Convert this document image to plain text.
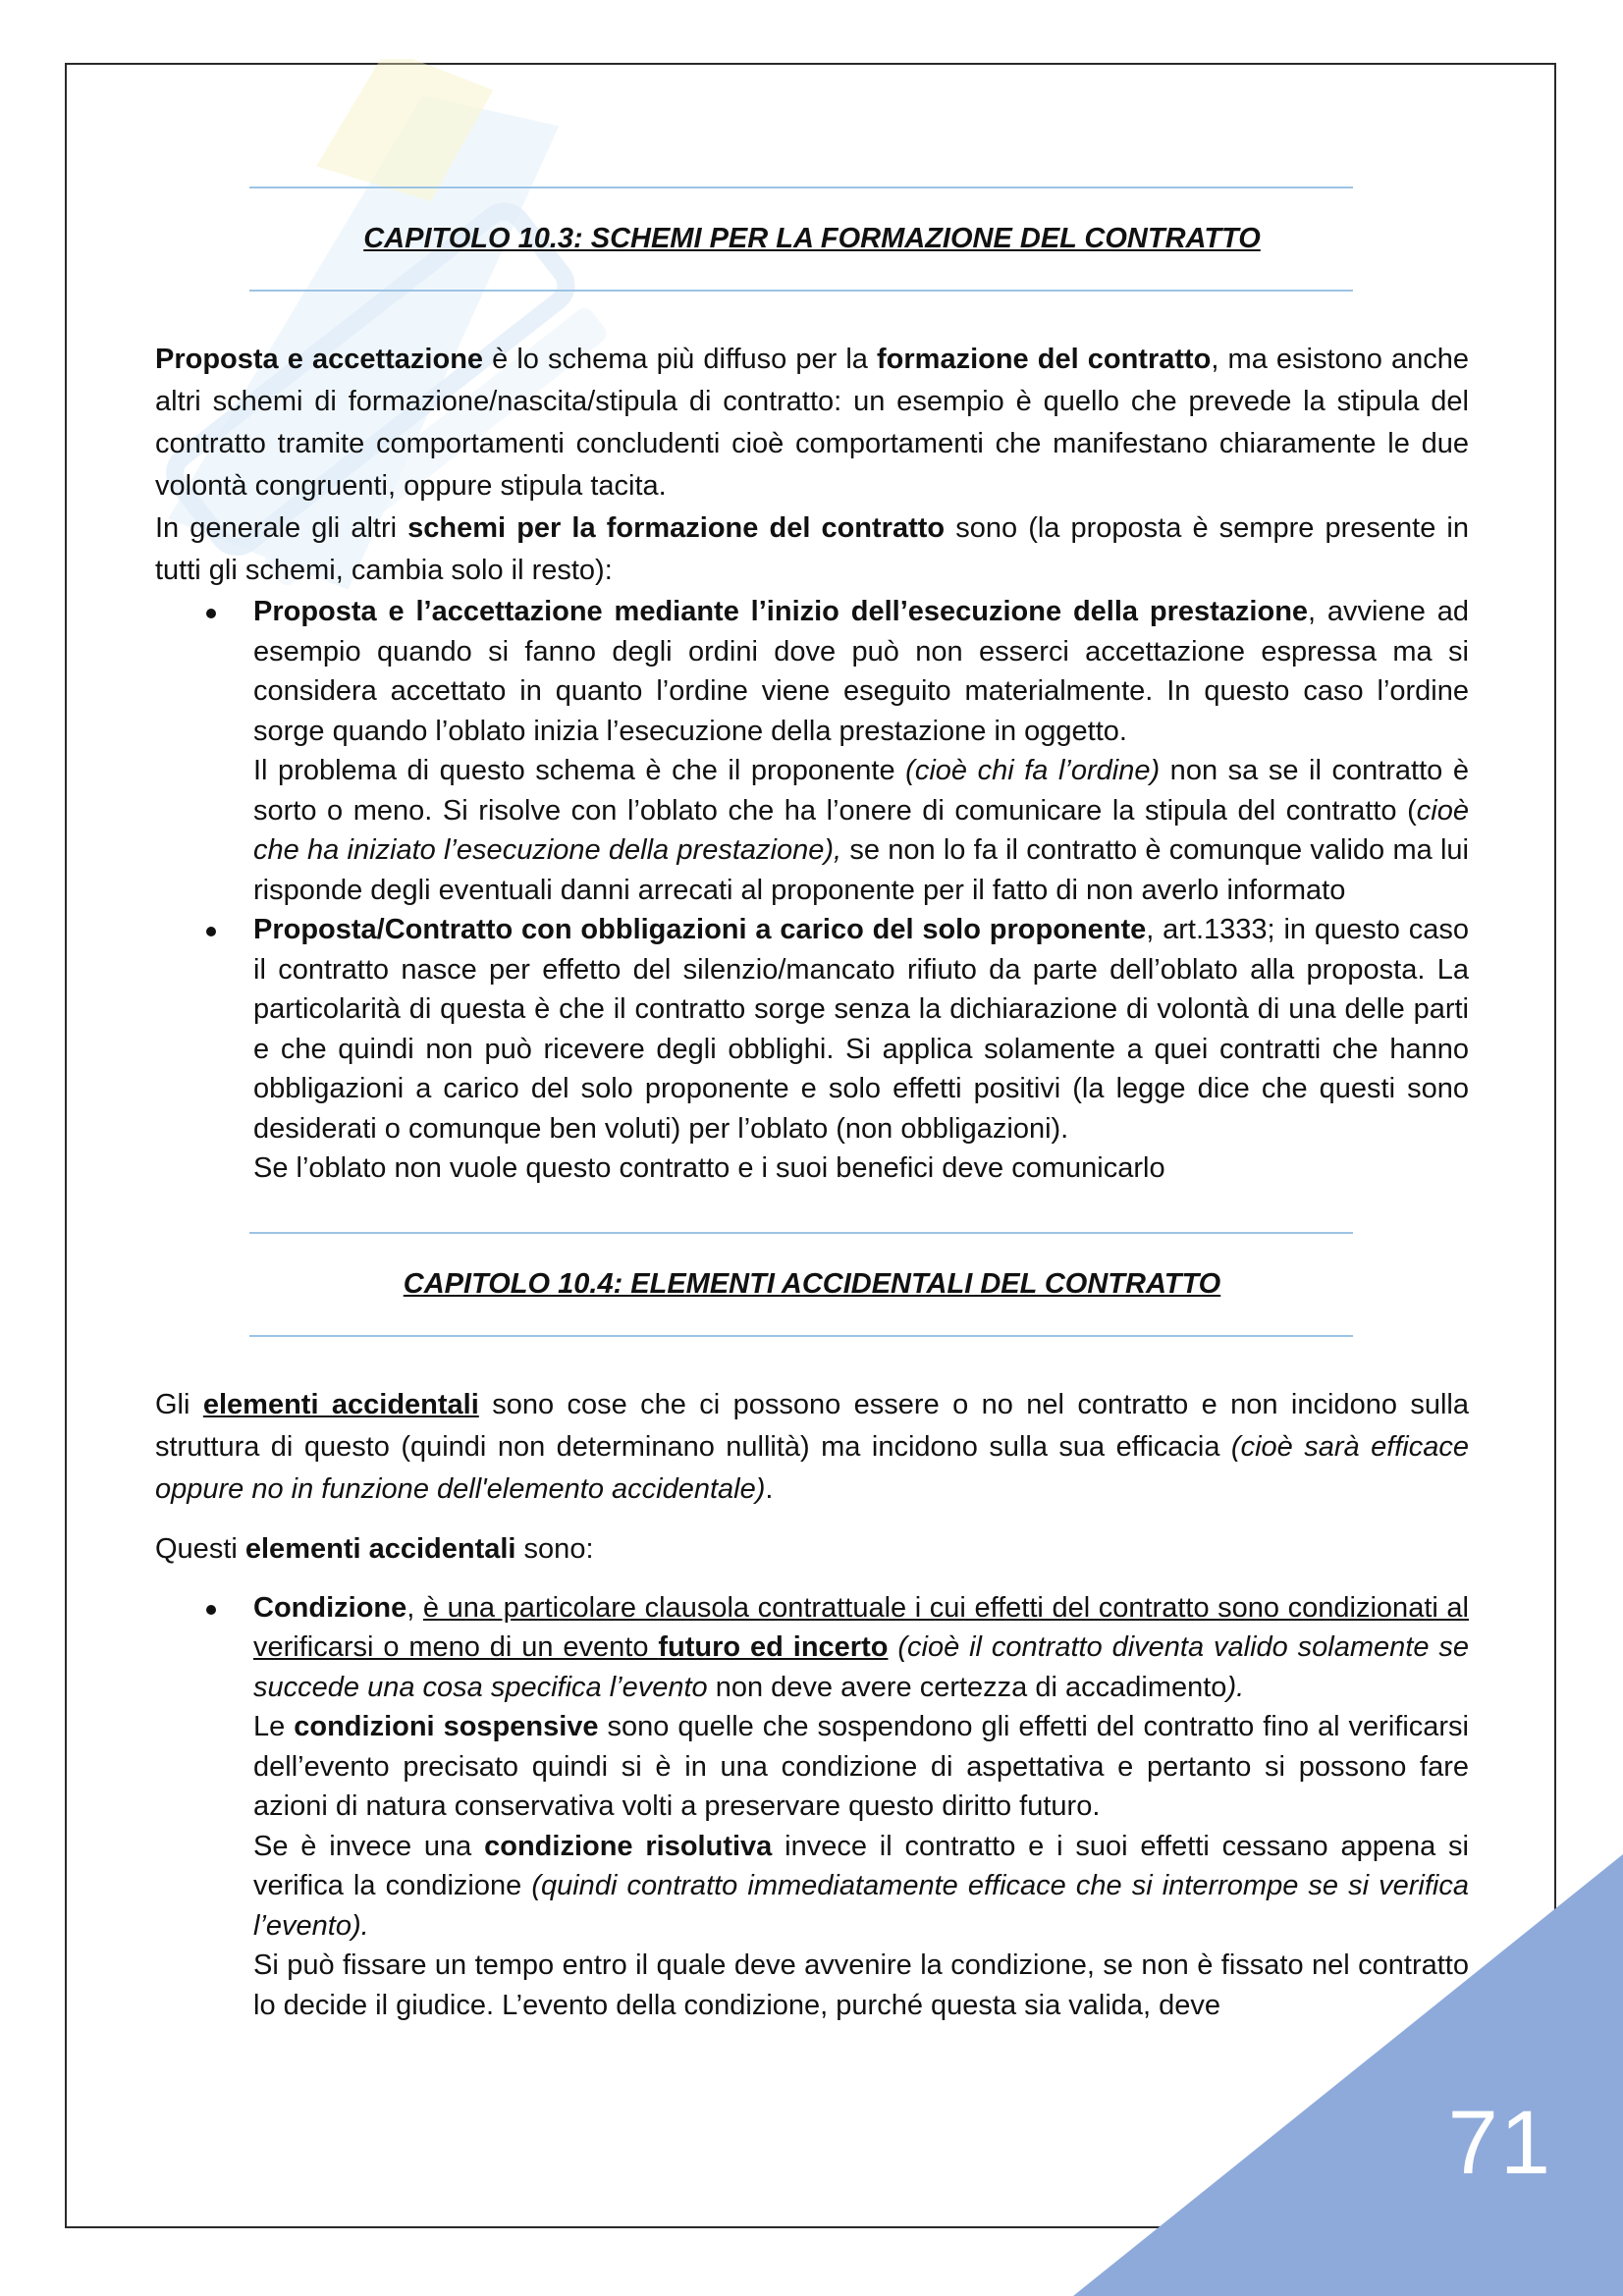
71
CAPITOLO 10.3: SCHEMI PER LA FORMAZIONE DEL CONTRATTO

Proposta e accettazione è lo schema più diffuso per la formazione del contratto, ma esistono anche altri schemi di formazione/nascita/stipula di contratto: un esempio è quello che prevede la stipula del contratto tramite comportamenti concludenti cioè comportamenti che manifestano chiaramente le due volontà congruenti, oppure stipula tacita.

In generale gli altri schemi per la formazione del contratto sono (la proposta è sempre presente in tutti gli schemi, cambia solo il resto):

Proposta e l’accettazione mediante l’inizio dell’esecuzione della prestazione, avviene ad esempio quando si fanno degli ordini dove può non esserci accettazione espressa ma si considera accettato in quanto l’ordine viene eseguito materialmente. In questo caso l’ordine sorge quando l’oblato inizia l’esecuzione della prestazione in oggetto.
Il problema di questo schema è che il proponente (cioè chi fa l’ordine) non sa se il contratto è sorto o meno. Si risolve con l’oblato che ha l’onere di comunicare la stipula del contratto (cioè che ha iniziato l’esecuzione della prestazione), se non lo fa il contratto è comunque valido ma lui risponde degli eventuali danni arrecati al proponente per il fatto di non averlo informato
Proposta/Contratto con obbligazioni a carico del solo proponente, art.1333; in questo caso il contratto nasce per effetto del silenzio/mancato rifiuto da parte dell’oblato alla proposta. La particolarità di questa è che il contratto sorge senza la dichiarazione di volontà di una delle parti e che quindi non può ricevere degli obblighi. Si applica solamente a quei contratti che hanno obbligazioni a carico del solo proponente e solo effetti positivi (la legge dice che questi sono desiderati o comunque ben voluti) per l’oblato (non obbligazioni).
Se l’oblato non vuole questo contratto e i suoi benefici deve comunicarlo
CAPITOLO 10.4: ELEMENTI ACCIDENTALI DEL CONTRATTO

Gli elementi accidentali sono cose che ci possono essere o no nel contratto e non incidono sulla struttura di questo (quindi non determinano nullità) ma incidono sulla sua efficacia (cioè sarà efficace oppure no in funzione dell'elemento accidentale).

Questi elementi accidentali sono:

Condizione, è una particolare clausola contrattuale i cui effetti del contratto sono condizionati al verificarsi o meno di un evento futuro ed incerto (cioè il contratto diventa valido solamente se succede una cosa specifica l’evento non deve avere certezza di accadimento).
Le condizioni sospensive sono quelle che sospendono gli effetti del contratto fino al verificarsi dell’evento precisato quindi si è in una condizione di aspettativa e pertanto si possono fare azioni di natura conservativa volti a preservare questo diritto futuro.
Se è invece una condizione risolutiva invece il contratto e i suoi effetti cessano appena si verifica la condizione (quindi contratto immediatamente efficace che si interrompe se si verifica l’evento).
Si può fissare un tempo entro il quale deve avvenire la condizione, se non è fissato nel contratto lo decide il giudice. L’evento della condizione, purché questa sia valida, deve
